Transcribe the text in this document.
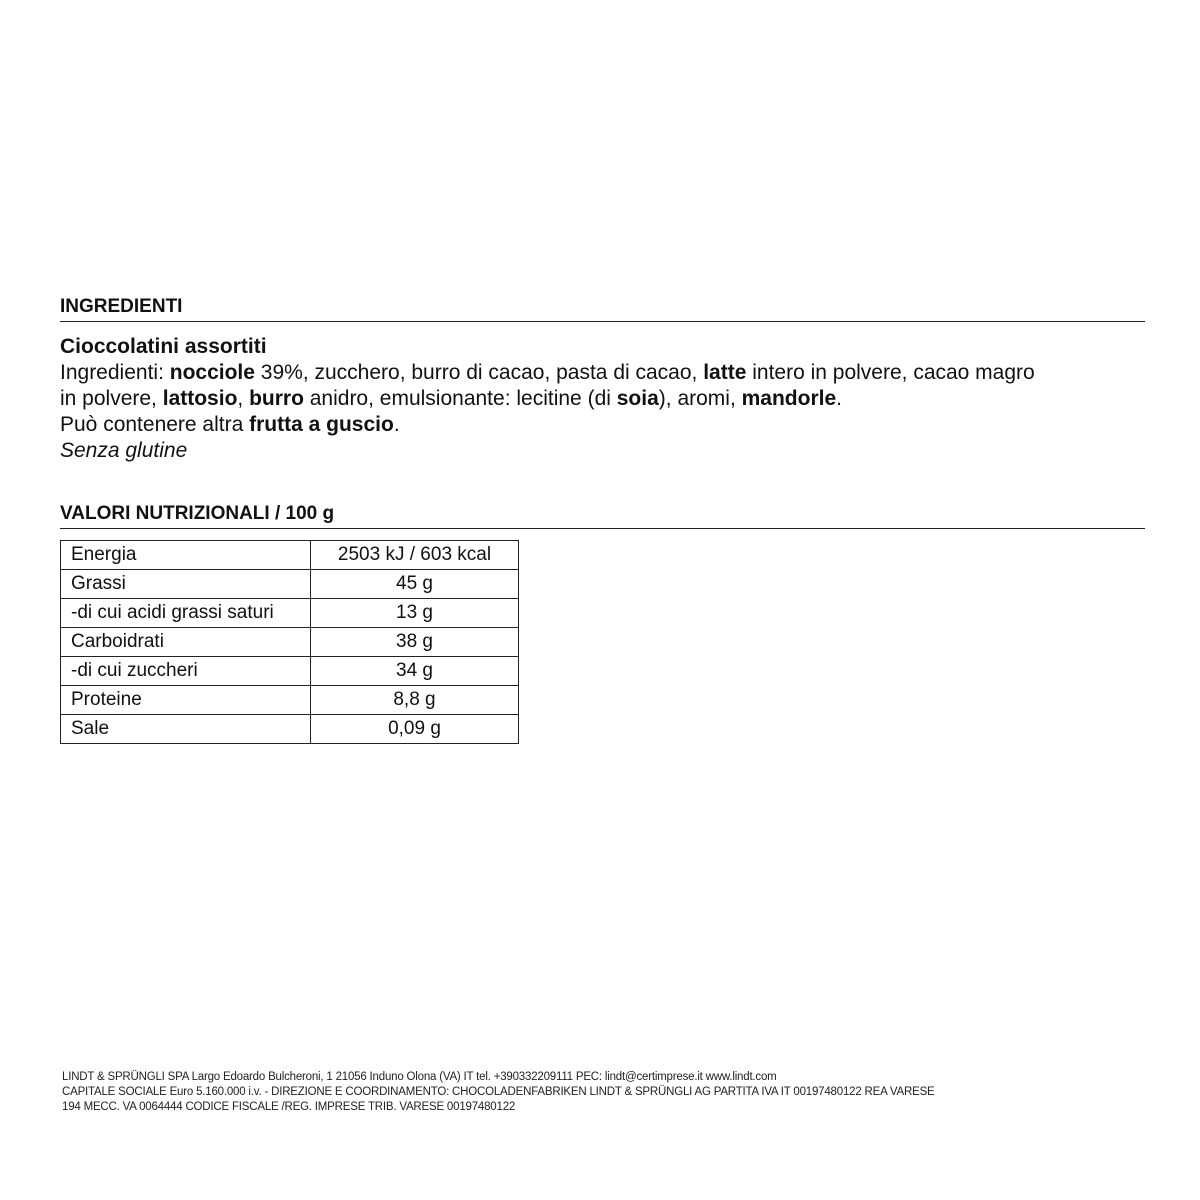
INGREDIENTI
Cioccolatini assortiti
Ingredienti: nocciole 39%, zucchero, burro di cacao, pasta di cacao, latte intero in polvere, cacao magro
in polvere, lattosio, burro anidro, emulsionante: lecitine (di soia), aromi, mandorle.
Può contenere altra frutta a guscio.
Senza glutine
VALORI NUTRIZIONALI / 100 g
Energia	2503 kJ / 603 kcal
Grassi	45 g
-di cui acidi grassi saturi	13 g
Carboidrati	38 g
-di cui zuccheri	34 g
Proteine	8,8 g
Sale	0,09 g
LINDT & SPRÜNGLI SPA Largo Edoardo Bulcheroni, 1 21056 Induno Olona (VA) IT tel. +390332209111 PEC: lindt@certimprese.it www.lindt.com
CAPITALE SOCIALE Euro 5.160.000 i.v. - DIREZIONE E COORDINAMENTO: CHOCOLADENFABRIKEN LINDT & SPRÜNGLI AG PARTITA IVA IT 00197480122 REA VARESE
194 MECC. VA 0064444 CODICE FISCALE /REG. IMPRESE TRIB. VARESE 00197480122
